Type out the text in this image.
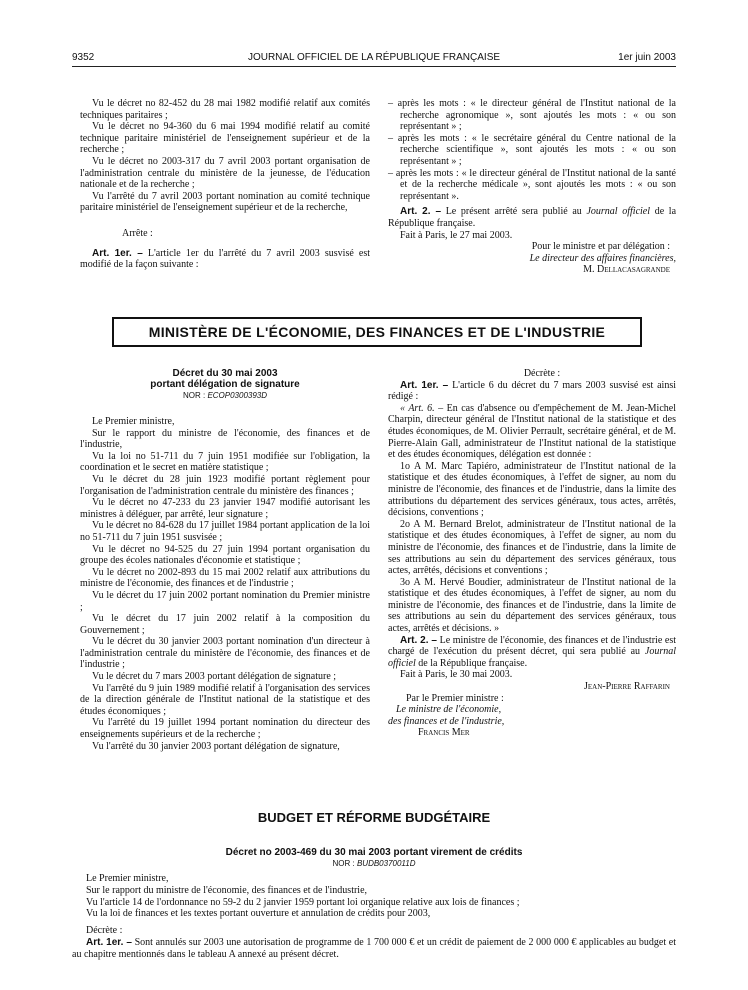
9352	JOURNAL OFFICIEL DE LA RÉPUBLIQUE FRANÇAISE	1er juin 2003

Vu le décret no 82-452 du 28 mai 1982 modifié relatif aux comités techniques paritaires ;

Vu le décret no 94-360 du 6 mai 1994 modifié relatif au comité technique paritaire ministériel de l'enseignement supérieur et de la recherche ;

Vu le décret no 2003-317 du 7 avril 2003 portant organisation de l'administration centrale du ministère de la jeunesse, de l'éducation nationale et de la recherche ;

Vu l'arrêté du 7 avril 2003 portant nomination au comité technique paritaire ministériel de l'enseignement supérieur et de la recherche,

Arrête :

Art. 1er. – L'article 1er du l'arrêté du 7 avril 2003 susvisé est modifié de la façon suivante :

– après les mots : « le directeur général de l'Institut national de la recherche agronomique », sont ajoutés les mots : « ou son représentant » ;

– après les mots : « le secrétaire général du Centre national de la recherche scientifique », sont ajoutés les mots : « ou son représentant » ;

– après les mots : « le directeur général de l'Institut national de la santé et de la recherche médicale », sont ajoutés les mots : « ou son représentant ».

Art. 2. – Le présent arrêté sera publié au Journal officiel de la République française.

Fait à Paris, le 27 mai 2003.

Pour le ministre et par délégation :

Le directeur des affaires financières,

M. Dellacasagrande

MINISTÈRE DE L'ÉCONOMIE, DES FINANCES ET DE L'INDUSTRIE
Décret du 30 mai 2003
portant délégation de signature
NOR : ECOP0300393D

Le Premier ministre,

Sur le rapport du ministre de l'économie, des finances et de l'industrie,

Vu la loi no 51-711 du 7 juin 1951 modifiée sur l'obligation, la coordination et le secret en matière statistique ;

Vu le décret du 28 juin 1923 modifié portant règlement pour l'organisation de l'administration centrale du ministère des finances ;

Vu le décret no 47-233 du 23 janvier 1947 modifié autorisant les ministres à déléguer, par arrêté, leur signature ;

Vu le décret no 84-628 du 17 juillet 1984 portant application de la loi no 51-711 du 7 juin 1951 susvisée ;

Vu le décret no 94-525 du 27 juin 1994 portant organisation du groupe des écoles nationales d'économie et statistique ;

Vu le décret no 2002-893 du 15 mai 2002 relatif aux attributions du ministre de l'économie, des finances et de l'industrie ;

Vu le décret du 17 juin 2002 portant nomination du Premier ministre ;

Vu le décret du 17 juin 2002 relatif à la composition du Gouvernement ;

Vu le décret du 30 janvier 2003 portant nomination d'un directeur à l'administration centrale du ministère de l'économie, des finances et de l'industrie ;

Vu le décret du 7 mars 2003 portant délégation de signature ;

Vu l'arrêté du 9 juin 1989 modifié relatif à l'organisation des services de la direction générale de l'Institut national de la statistique et des études économiques ;

Vu l'arrêté du 19 juillet 1994 portant nomination du directeur des enseignements supérieurs et de la recherche ;

Vu l'arrêté du 30 janvier 2003 portant délégation de signature,

Décrète :

Art. 1er. – L'article 6 du décret du 7 mars 2003 susvisé est ainsi rédigé :

« Art. 6. – En cas d'absence ou d'empêchement de M. Jean-Michel Charpin, directeur général de l'Institut national de la statistique et des études économiques, de M. Olivier Perrault, secrétaire général, et de M. Pierre-Alain Gall, administrateur de l'Institut national de la statistique et des études économiques, délégation est donnée :

1o A M. Marc Tapiéro, administrateur de l'Institut national de la statistique et des études économiques, à l'effet de signer, au nom du ministre de l'économie, des finances et de l'industrie, dans la limite des attributions du département des services généraux, tous actes, arrêtés, décisions, conventions ;

2o A M. Bernard Brelot, administrateur de l'Institut national de la statistique et des études économiques, à l'effet de signer, au nom du ministre de l'économie, des finances et de l'industrie, dans la limite de ses attributions au sein du département des services généraux, tous actes, arrêtés, décisions et conventions ;

3o A M. Hervé Boudier, administrateur de l'Institut national de la statistique et des études économiques, à l'effet de signer, au nom du ministre de l'économie, des finances et de l'industrie, dans la limite de ses attributions au sein du département des services généraux, tous actes, arrêtés et décisions. »

Art. 2. – Le ministre de l'économie, des finances et de l'industrie est chargé de l'exécution du présent décret, qui sera publié au Journal officiel de la République française.

Fait à Paris, le 30 mai 2003.

Jean-Pierre Raffarin

Par le Premier ministre :

Le ministre de l'économie,

des finances et de l'industrie,

Francis Mer

BUDGET ET RÉFORME BUDGÉTAIRE
Décret no 2003-469 du 30 mai 2003 portant virement de crédits
NOR : BUDB0370011D

Le Premier ministre,

Sur le rapport du ministre de l'économie, des finances et de l'industrie,

Vu l'article 14 de l'ordonnance no 59-2 du 2 janvier 1959 portant loi organique relative aux lois de finances ;

Vu la loi de finances et les textes portant ouverture et annulation de crédits pour 2003,

Décrète :

Art. 1er. – Sont annulés sur 2003 une autorisation de programme de 1 700 000 € et un crédit de paiement de 2 000 000 € applicables au budget et au chapitre mentionnés dans le tableau A annexé au présent décret.
